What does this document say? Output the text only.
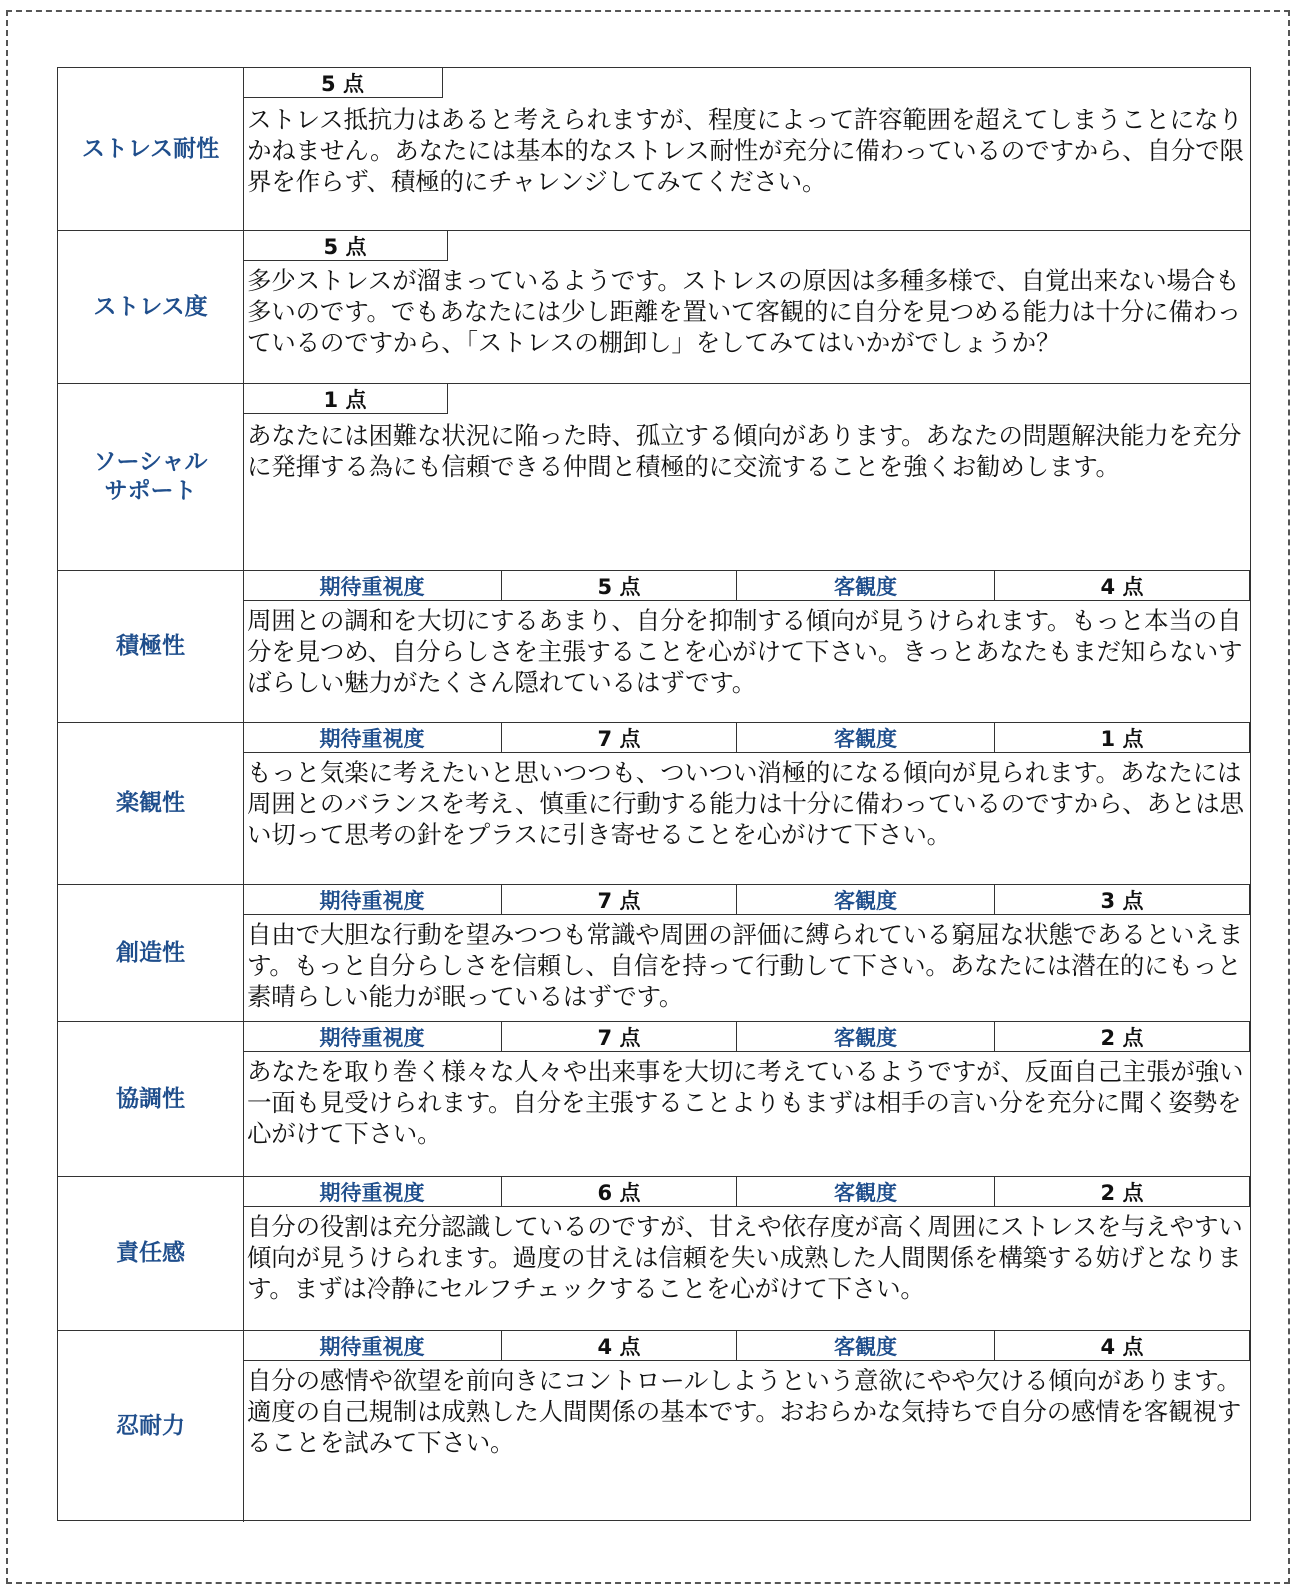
ストレス耐性
5 点
ストレス抵抗力はあると考えられますが、程度によって許容範囲を超えてしまうことになりかねません。あなたには基本的なストレス耐性が充分に備わっているのですから、自分で限界を作らず、積極的にチャレンジしてみてください。
ストレス度
5 点
多少ストレスが溜まっているようです。ストレスの原因は多種多様で、自覚出来ない場合も多いのです。でもあなたには少し距離を置いて客観的に自分を見つめる能力は十分に備わっているのですから、「ストレスの棚卸し」をしてみてはいかがでしょうか？
ソーシャル
サポート
1 点
あなたには困難な状況に陥った時、孤立する傾向があります。あなたの問題解決能力を充分に発揮する為にも信頼できる仲間と積極的に交流することを強くお勧めします。
積極性
期待重視度	5 点	客観度	4 点
周囲との調和を大切にするあまり、自分を抑制する傾向が見うけられます。もっと本当の自分を見つめ、自分らしさを主張することを心がけて下さい。きっとあなたもまだ知らないすばらしい魅力がたくさん隠れているはずです。
楽観性
期待重視度	7 点	客観度	1 点
もっと気楽に考えたいと思いつつも、ついつい消極的になる傾向が見られます。あなたには周囲とのバランスを考え、慎重に行動する能力は十分に備わっているのですから、あとは思い切って思考の針をプラスに引き寄せることを心がけて下さい。
創造性
期待重視度	7 点	客観度	3 点
自由で大胆な行動を望みつつも常識や周囲の評価に縛られている窮屈な状態であるといえます。もっと自分らしさを信頼し、自信を持って行動して下さい。あなたには潜在的にもっと素晴らしい能力が眠っているはずです。
協調性
期待重視度	7 点	客観度	2 点
あなたを取り巻く様々な人々や出来事を大切に考えているようですが、反面自己主張が強い一面も見受けられます。自分を主張することよりもまずは相手の言い分を充分に聞く姿勢を心がけて下さい。
責任感
期待重視度	6 点	客観度	2 点
自分の役割は充分認識しているのですが、甘えや依存度が高く周囲にストレスを与えやすい傾向が見うけられます。過度の甘えは信頼を失い成熟した人間関係を構築する妨げとなります。まずは冷静にセルフチェックすることを心がけて下さい。
忍耐力
期待重視度	4 点	客観度	4 点
自分の感情や欲望を前向きにコントロールしようという意欲にやや欠ける傾向があります。適度の自己規制は成熟した人間関係の基本です。おおらかな気持ちで自分の感情を客観視することを試みて下さい。
